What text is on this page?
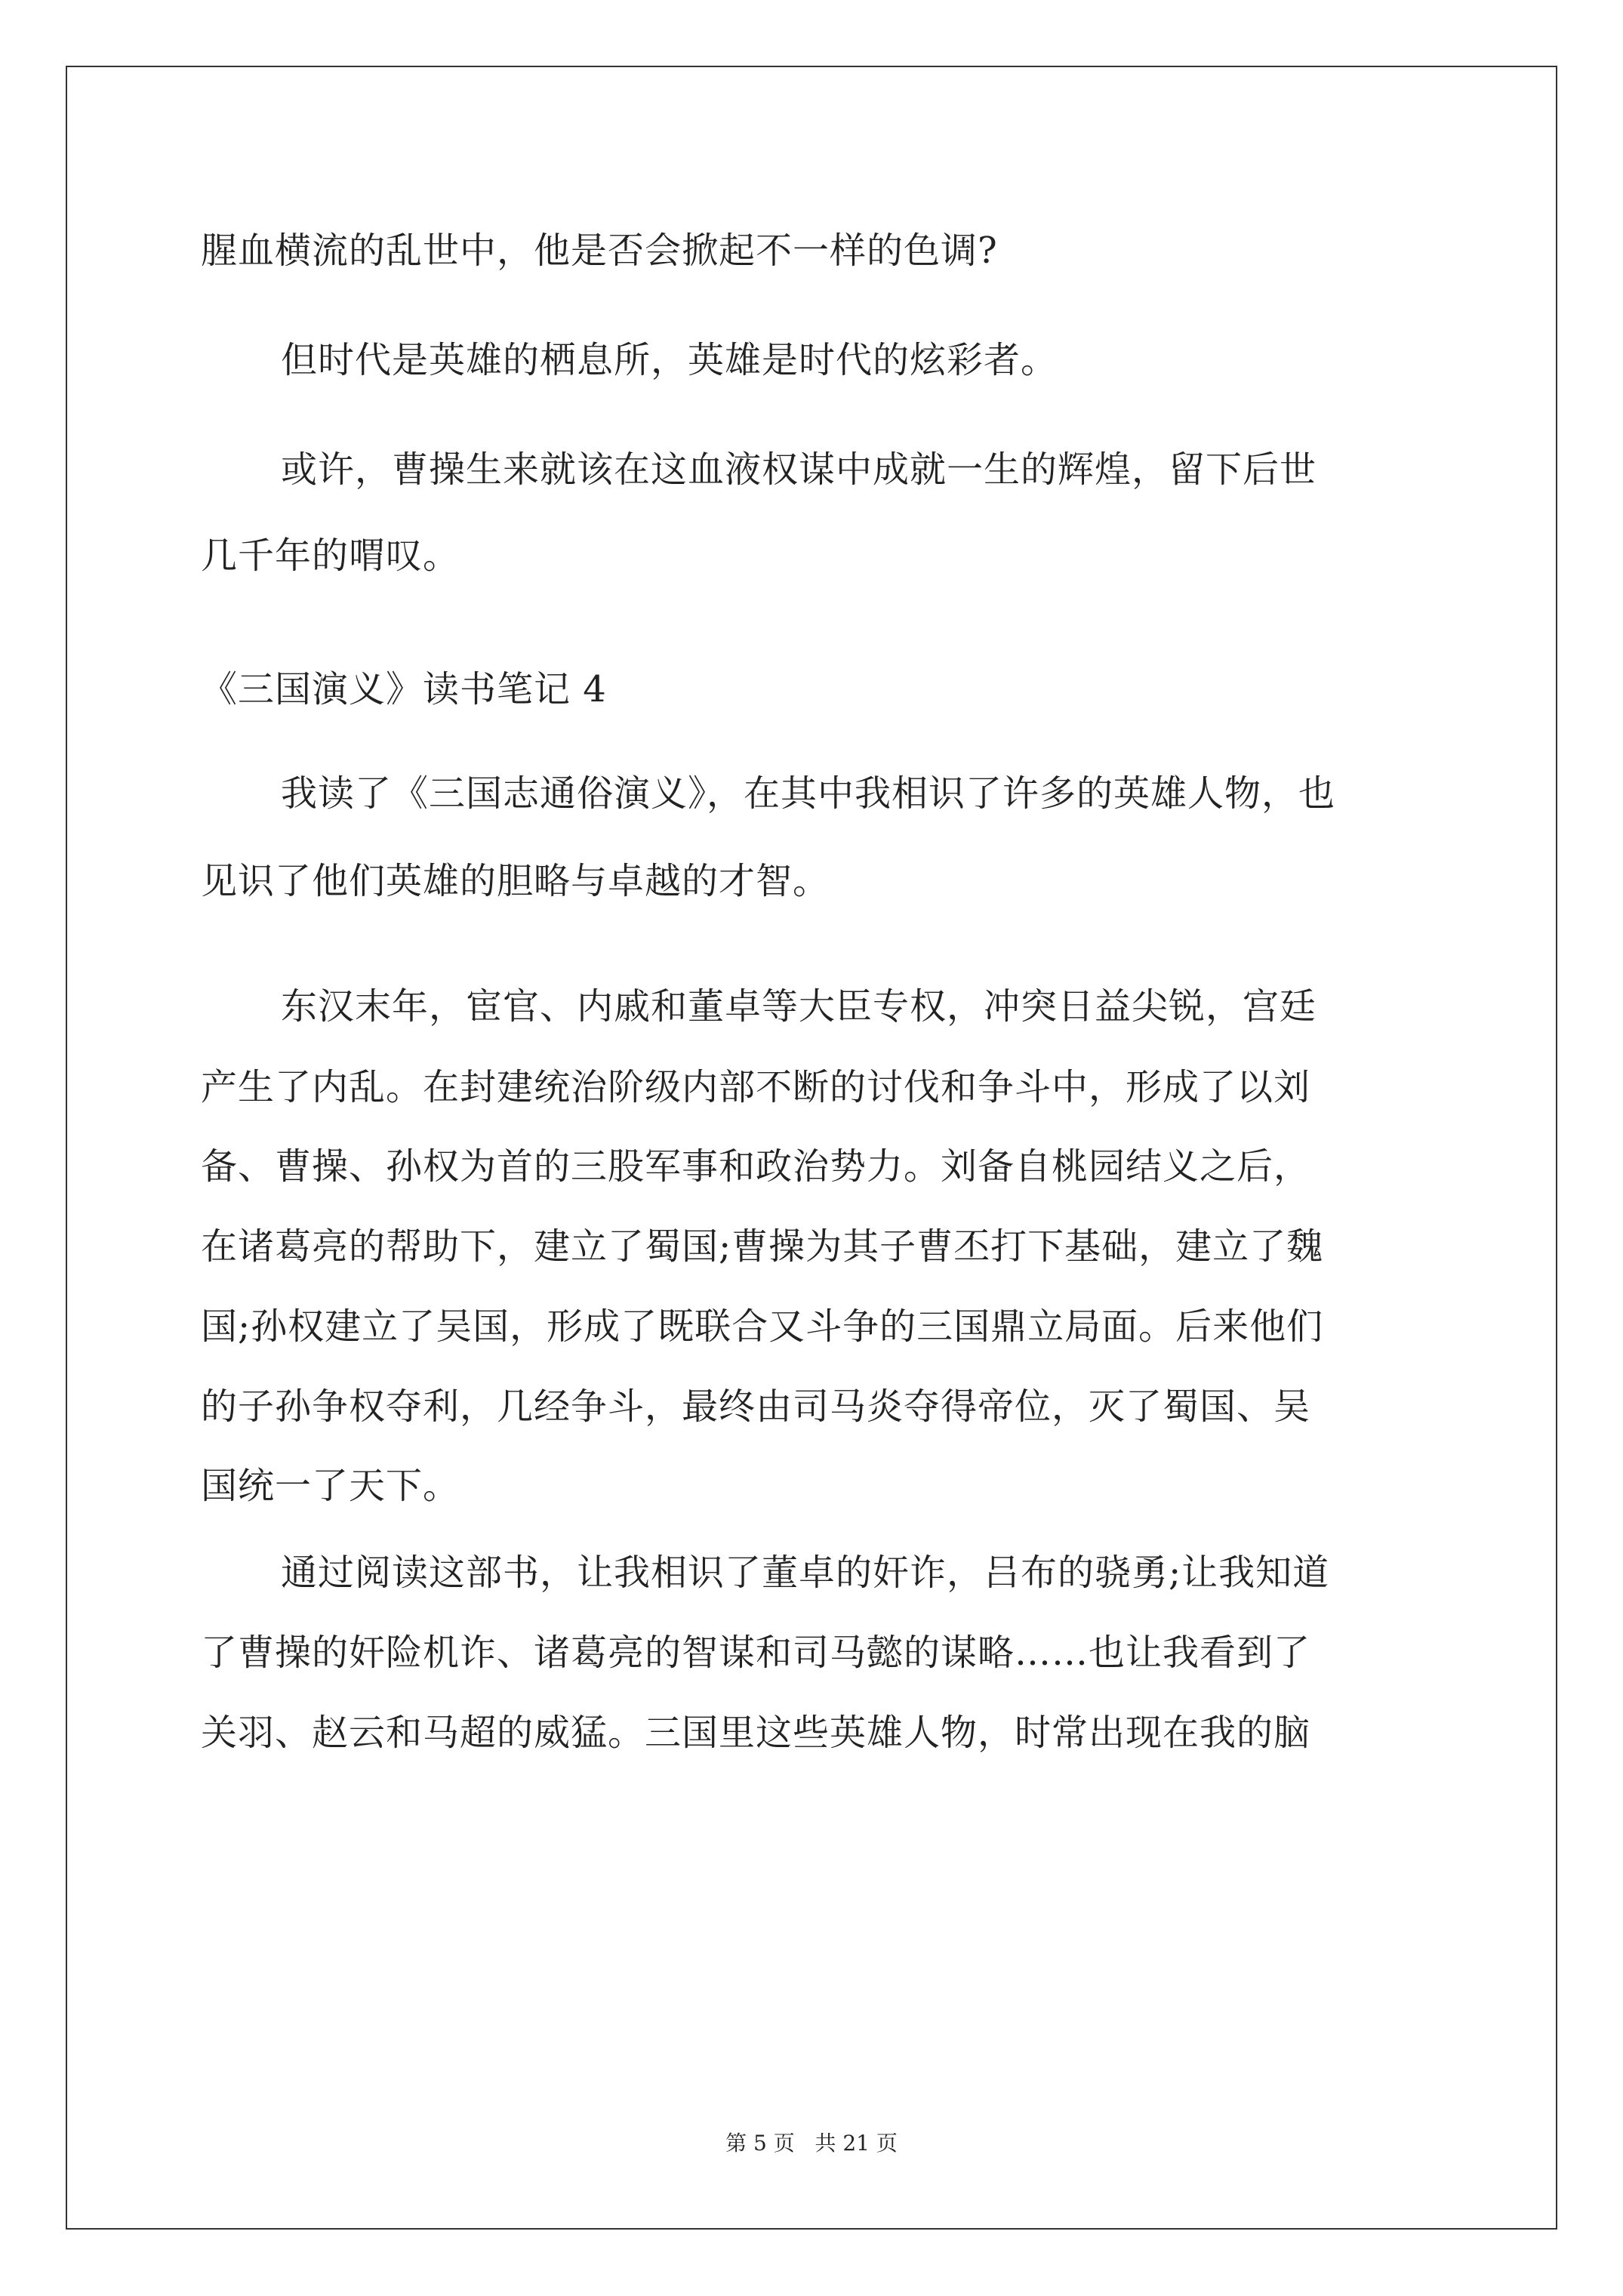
腥血横流的乱世中，他是否会掀起不一样的色调?
但时代是英雄的栖息所，英雄是时代的炫彩者。
或许，曹操生来就该在这血液权谋中成就一生的辉煌，留下后世
几千年的喟叹。
《三国演义》读书笔记 4
我读了《三国志通俗演义》，在其中我相识了许多的英雄人物，也
见识了他们英雄的胆略与卓越的才智。
东汉末年，宦官、内戚和董卓等大臣专权，冲突日益尖锐，宫廷
产生了内乱。在封建统治阶级内部不断的讨伐和争斗中，形成了以刘
备、曹操、孙权为首的三股军事和政治势力。刘备自桃园结义之后，
在诸葛亮的帮助下，建立了蜀国;曹操为其子曹丕打下基础，建立了魏
国;孙权建立了吴国，形成了既联合又斗争的三国鼎立局面。后来他们
的子孙争权夺利，几经争斗，最终由司马炎夺得帝位，灭了蜀国、吴
国统一了天下。
通过阅读这部书，让我相识了董卓的奸诈，吕布的骁勇;让我知道
了曹操的奸险机诈、诸葛亮的智谋和司马懿的谋略……也让我看到了
关羽、赵云和马超的威猛。三国里这些英雄人物，时常出现在我的脑
第 5 页   共 21 页
